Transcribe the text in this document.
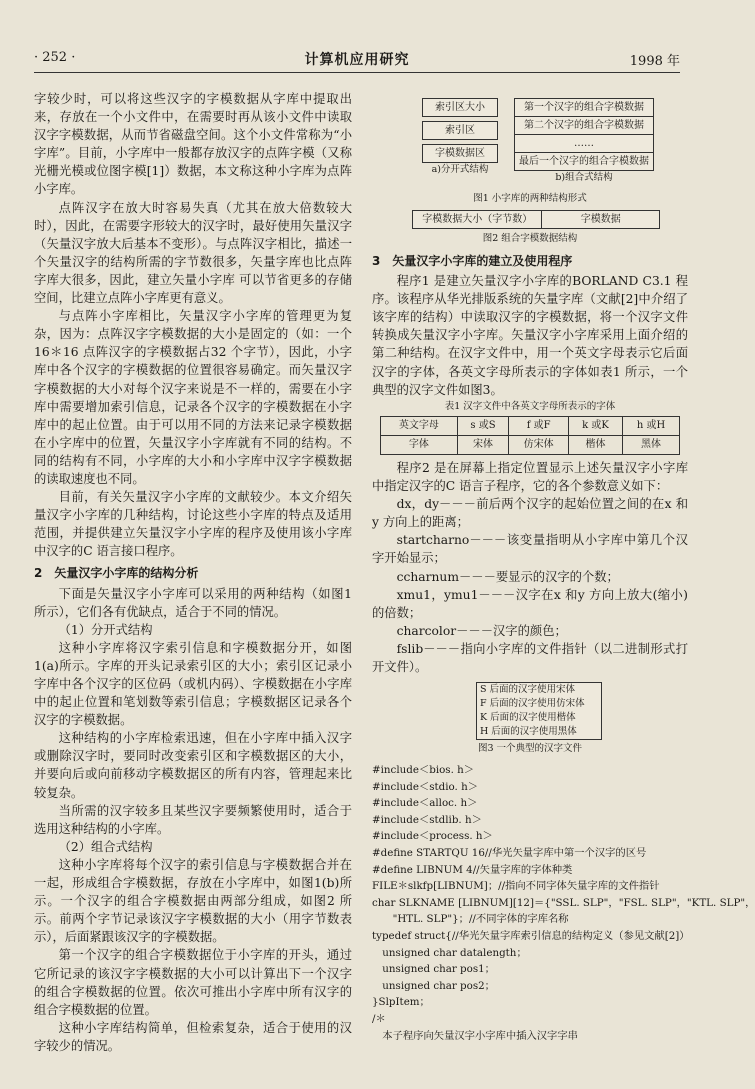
· 252 ·	计算机应用研究	1998 年

字较少时，可以将这些汉字的字模数据从字库中提取出来，存放在一个小文件中，在需要时再从该小文件中读取汉字字模数据，从而节省磁盘空间。这个小文件常称为“小字库”。目前，小字库中一般都存放汉字的点阵字模（又称光栅光模或位图字模[1]）数据，本文称这种小字库为点阵小字库。

点阵汉字在放大时容易失真（尤其在放大倍数较大时），因此，在需要字形较大的汉字时，最好使用矢量汉字（矢量汉字放大后基本不变形）。与点阵汉字相比，描述一个矢量汉字的结构所需的字节数很多，矢量字库也比点阵字库大很多，因此，建立矢量小字库 可以节省更多的存储空间，比建立点阵小字库更有意义。

与点阵小字库相比，矢量汉字小字库的管理更为复杂，因为：点阵汉字字模数据的大小是固定的（如：一个16＊16 点阵汉字的字模数据占32 个字节），因此，小字库中各个汉字的字模数据的位置很容易确定。而矢量汉字字模数据的大小对每个汉字来说是不一样的，需要在小字库中需要增加索引信息，记录各个汉字的字模数据在小字库中的起止位置。由于可以用不同的方法来记录字模数据在小字库中的位置，矢量汉字小字库就有不同的结构。不同的结构有不同，小字库的大小和小字库中汉字字模数据的读取速度也不同。

目前，有关矢量汉字小字库的文献较少。本文介绍矢量汉字小字库的几种结构，讨论这些小字库的特点及适用范围，并提供建立矢量汉字小字库的程序及使用该小字库中汉字的C 语言接口程序。

2　矢量汉字小字库的结构分析

下面是矢量汉字小字库可以采用的两种结构（如图1 所示），它们各有优缺点，适合于不同的情况。

（1）分开式结构

这种小字库将汉字索引信息和字模数据分开，如图1(a)所示。字库的开头记录索引区的大小；索引区记录小字库中各个汉字的区位码（或机内码）、字模数据在小字库中的起止位置和笔划数等索引信息；字模数据区记录各个汉字的字模数据。

这种结构的小字库检索迅速，但在小字库中插入汉字或删除汉字时，要同时改变索引区和字模数据区的大小，并要向后或向前移动字模数据区的所有内容，管理起来比较复杂。

当所需的汉字较多且某些汉字要频繁使用时，适合于选用这种结构的小字库。

（2）组合式结构

这种小字库将每个汉字的索引信息与字模数据合并在一起，形成组合字模数据，存放在小字库中，如图1(b)所示。一个汉字的组合字模数据由两部分组成，如图2 所示。前两个字节记录该汉字字模数据的大小（用字节数表示），后面紧跟该汉字的字模数据。

第一个汉字的组合字模数据位于小字库的开头，通过它所记录的该汉字字模数据的大小可以计算出下一个汉字的组合字模数据的位置。依次可推出小字库中所有汉字的组合字模数据的位置。

这种小字库结构简单，但检索复杂，适合于使用的汉字较少的情况。

索引区大小
索引区
字模数据区
a)分开式结构
第一个汉字的组合字模数据
第二个汉字的组合字模数据
……
最后一个汉字的组合字模数据
b)组合式结构
图1 小字库的两种结构形式
字模数据大小（字节数）	字模数据
图2 组合字模数据结构
3　矢量汉字小字库的建立及使用程序

程序1 是建立矢量汉字小字库的BORLAND C3.1 程序。该程序从华光排版系统的矢量字库（文献[2]中介绍了该字库的结构）中读取汉字的字模数据，将一个汉字文件转换成矢量汉字小字库。矢量汉字小字库采用上面介绍的第二种结构。在汉字文件中，用一个英文字母表示它后面汉字的字体，各英文字母所表示的字体如表1 所示，一个典型的汉字文件如图3。

表1 汉字文件中各英文字母所表示的字体
英文字母	s 或S	f 或F	k 或K	h 或H
字体	宋体	仿宋体	楷体	黑体

程序2 是在屏幕上指定位置显示上述矢量汉字小字库中指定汉字的C 语言子程序，它的各个参数意义如下：

dx，dy－－－前后两个汉字的起始位置之间的在x 和y 方向上的距离；

startcharno－－－该变量指明从小字库中第几个汉字开始显示；

ccharnum－－－要显示的汉字的个数；

xmu1，ymu1－－－汉字在x 和y 方向上放大(缩小)的倍数；

charcolor－－－汉字的颜色；

fslib－－－指向小字库的文件指针（以二进制形式打开文件）。

S 后面的汉字使用宋体
F 后面的汉字使用仿宋体
K 后面的汉字使用楷体
H 后面的汉字使用黑体
图3 一个典型的汉字文件
#include＜bios. h＞
#include＜stdio. h＞
#include＜alloc. h＞
#include＜stdlib. h＞
#include＜process. h＞
#define STARTQU 16//华光矢量字库中第一个汉字的区号
#define LIBNUM 4//矢量字库的字体种类
FILE＊slkfp[LIBNUM]；//指向不同字体矢量字库的文件指针
char SLKNAME [LIBNUM][12]＝{"SSL. SLP"，"FSL. SLP"，"KTL. SLP"，
　　"HTL. SLP"}；//不同字体的字库名称
typedef struct{//华光矢量字库索引信息的结构定义（参见文献[2]）
　unsigned char datalength；
　unsigned char pos1；
　unsigned char pos2；
}SlpItem；
/＊
　本子程序向矢量汉字小字库中插入汉字字串
